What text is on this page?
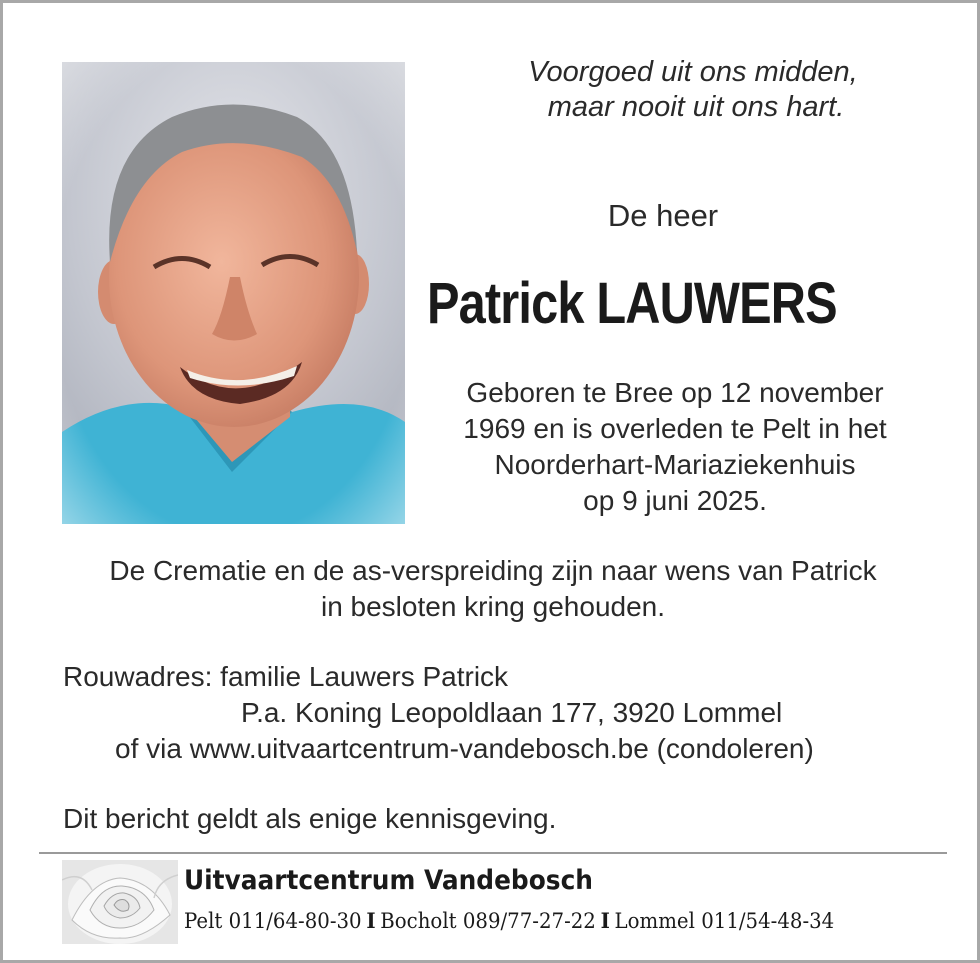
Voorgoed uit ons midden,

maar nooit uit ons hart.
De heer
Patrick LAUWERS
Geboren te Bree op 12 november
1969 en is overleden te Pelt in het
Noorderhart-Mariaziekenhuis
op 9 juni 2025.
De Crematie en de as-verspreiding zijn naar wens van Patrick
in besloten kring gehouden.
Rouwadres: familie Lauwers Patrick
P.a. Koning Leopoldlaan 177, 3920 Lommel
of via www.uitvaartcentrum-vandebosch.be (condoleren)
Dit bericht geldt als enige kennisgeving.
Uitvaartcentrum Vandebosch
Pelt 011/64-80-30 I Bocholt 089/77-27-22 I Lommel 011/54-48-34
